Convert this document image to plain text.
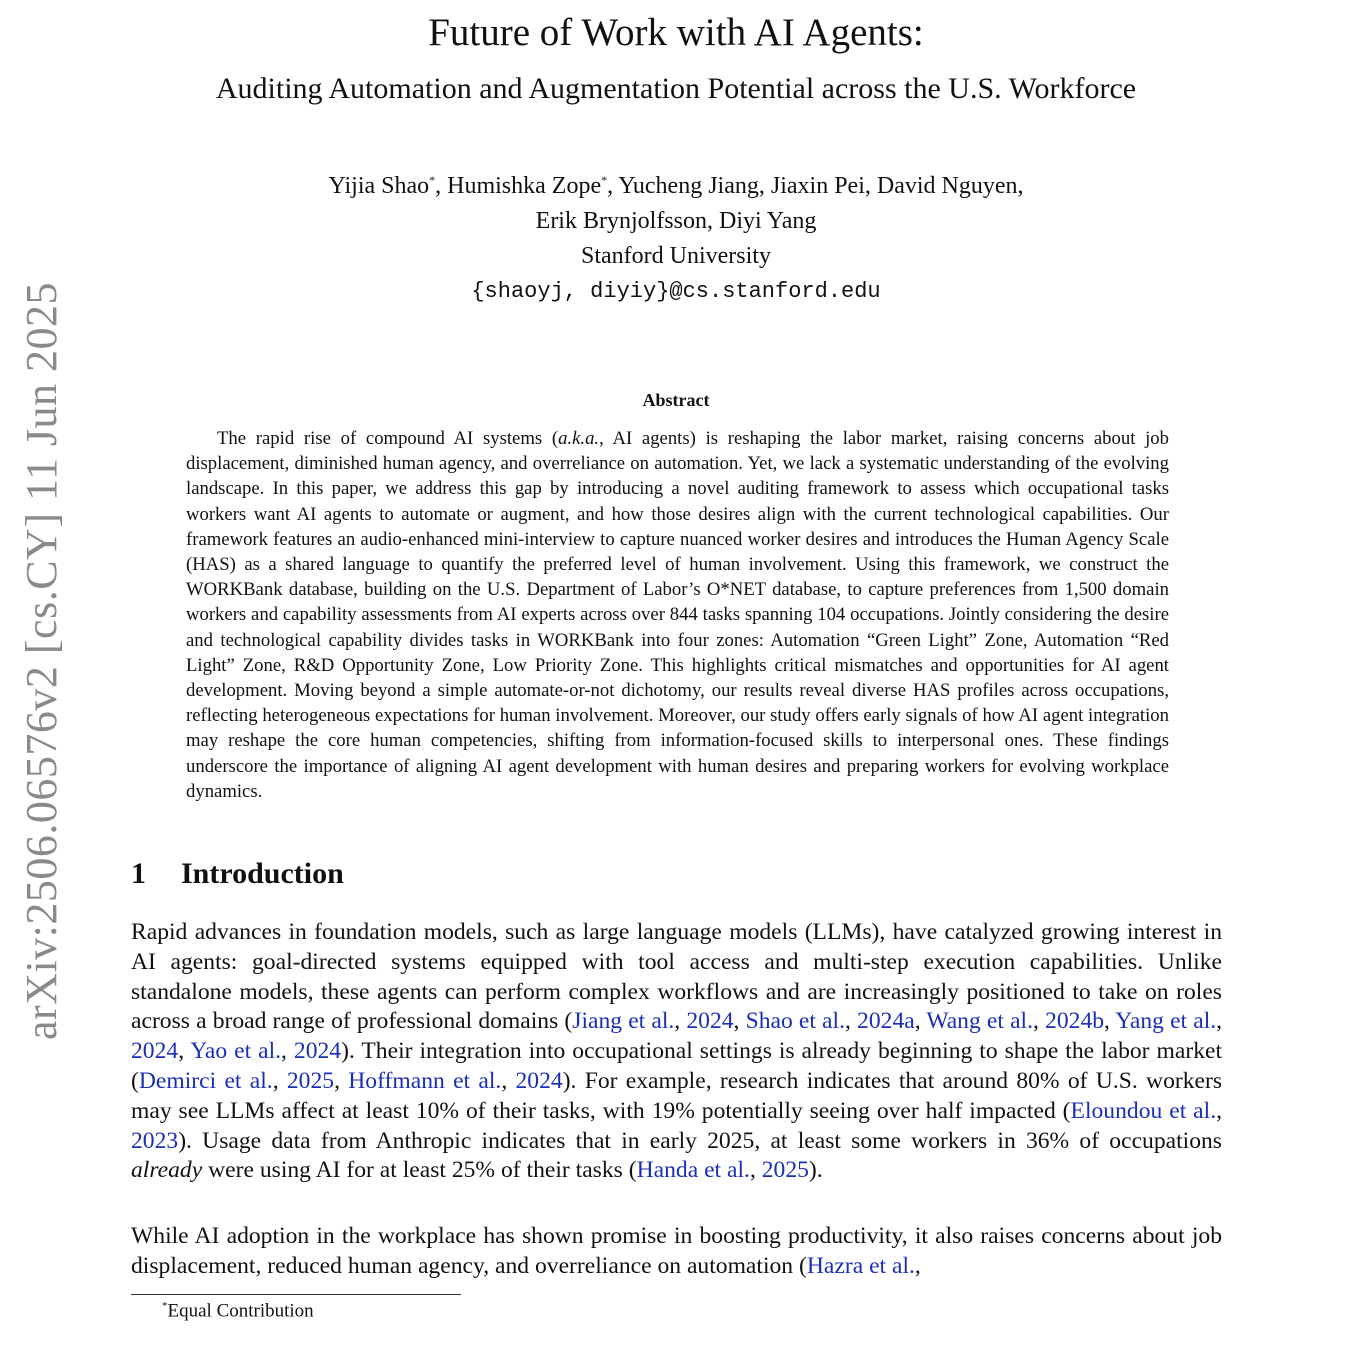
arXiv:2506.06576v2 [cs.CY] 11 Jun 2025
Future of Work with AI Agents:
Auditing Automation and Augmentation Potential across the U.S. Workforce
Yijia Shao*, Humishka Zope*, Yucheng Jiang, Jiaxin Pei, David Nguyen,
Erik Brynjolfsson, Diyi Yang
Stanford University
{shaoyj, diyiy}@cs.stanford.edu
Abstract

The rapid rise of compound AI systems (a.k.a., AI agents) is reshaping the labor market, raising concerns about job displacement, diminished human agency, and overreliance on automation. Yet, we lack a systematic understanding of the evolving landscape. In this paper, we address this gap by introducing a novel auditing framework to assess which occupational tasks workers want AI agents to automate or augment, and how those desires align with the current technological capabilities. Our framework features an audio-enhanced mini-interview to capture nuanced worker desires and introduces the Human Agency Scale (HAS) as a shared language to quantify the preferred level of human involvement. Using this framework, we construct the WORKBank database, building on the U.S. Department of Labor’s O*NET database, to capture preferences from 1,500 domain workers and capability assessments from AI experts across over 844 tasks spanning 104 occupations. Jointly considering the desire and technological capability divides tasks in WORKBank into four zones: Automation “Green Light” Zone, Automation “Red Light” Zone, R&D Opportunity Zone, Low Priority Zone. This highlights critical mismatches and opportunities for AI agent development. Moving beyond a simple automate-or-not dichotomy, our results reveal diverse HAS profiles across occupations, reflecting heterogeneous expectations for human involvement. Moreover, our study offers early signals of how AI agent integration may reshape the core human competencies, shifting from information-focused skills to interpersonal ones. These findings underscore the importance of aligning AI agent development with human desires and preparing workers for evolving workplace dynamics.

1 Introduction

Rapid advances in foundation models, such as large language models (LLMs), have catalyzed growing interest in AI agents: goal-directed systems equipped with tool access and multi-step execution capabilities. Unlike standalone models, these agents can perform complex workflows and are increasingly positioned to take on roles across a broad range of professional domains (Jiang et al., 2024, Shao et al., 2024a, Wang et al., 2024b, Yang et al., 2024, Yao et al., 2024). Their integration into occupational settings is already beginning to shape the labor market (Demirci et al., 2025, Hoffmann et al., 2024). For example, research indicates that around 80% of U.S. workers may see LLMs affect at least 10% of their tasks, with 19% potentially seeing over half impacted (Eloundou et al., 2023). Usage data from Anthropic indicates that in early 2025, at least some workers in 36% of occupations already were using AI for at least 25% of their tasks (Handa et al., 2025).

While AI adoption in the workplace has shown promise in boosting productivity, it also raises concerns about job displacement, reduced human agency, and overreliance on automation (Hazra et al.,

*Equal Contribution
